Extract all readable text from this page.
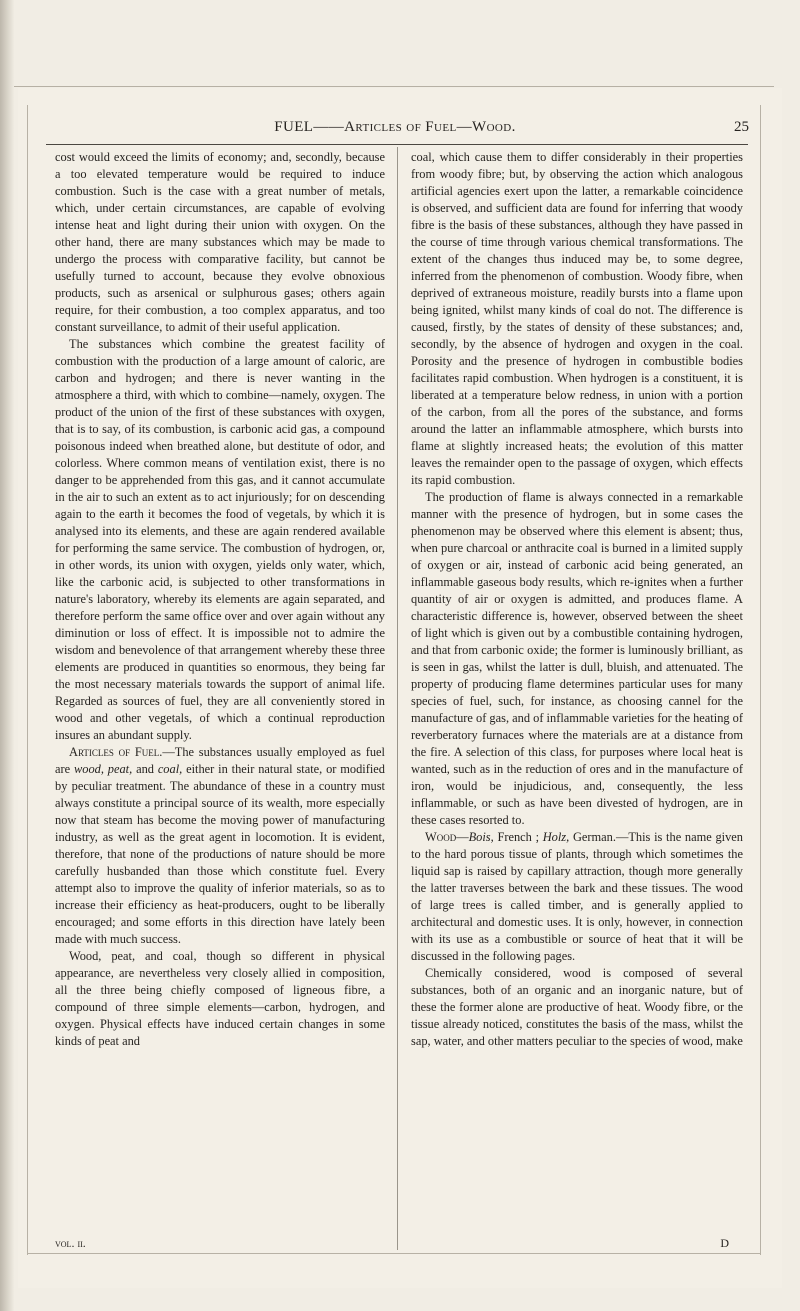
FUEL——Articles of Fuel—Wood.	25

cost would exceed the limits of economy; and, secondly, because a too elevated temperature would be required to induce combustion. Such is the case with a great number of metals, which, under certain circumstances, are capable of evolving intense heat and light during their union with oxygen. On the other hand, there are many substances which may be made to undergo the process with comparative facility, but cannot be usefully turned to account, because they evolve obnoxious products, such as arsenical or sulphurous gases; others again require, for their combustion, a too complex apparatus, and too constant surveillance, to admit of their useful application.

The substances which combine the greatest facility of combustion with the production of a large amount of caloric, are carbon and hydrogen; and there is never wanting in the atmosphere a third, with which to combine—namely, oxygen. The product of the union of the first of these substances with oxygen, that is to say, of its combustion, is carbonic acid gas, a compound poisonous indeed when breathed alone, but destitute of odor, and colorless. Where common means of ventilation exist, there is no danger to be apprehended from this gas, and it cannot accumulate in the air to such an extent as to act injuriously; for on descending again to the earth it becomes the food of vegetals, by which it is analysed into its elements, and these are again rendered available for performing the same service. The combustion of hydrogen, or, in other words, its union with oxygen, yields only water, which, like the carbonic acid, is subjected to other transformations in nature's laboratory, whereby its elements are again separated, and therefore perform the same office over and over again without any diminution or loss of effect. It is impossible not to admire the wisdom and benevolence of that arrangement whereby these three elements are produced in quantities so enormous, they being far the most necessary materials towards the support of animal life. Regarded as sources of fuel, they are all conveniently stored in wood and other vegetals, of which a continual reproduction insures an abundant supply.

Articles of Fuel.—The substances usually employed as fuel are wood, peat, and coal, either in their natural state, or modified by peculiar treatment. The abundance of these in a country must always constitute a principal source of its wealth, more especially now that steam has become the moving power of manufacturing industry, as well as the great agent in locomotion. It is evident, therefore, that none of the productions of nature should be more carefully husbanded than those which constitute fuel. Every attempt also to improve the quality of inferior materials, so as to increase their efficiency as heat-producers, ought to be liberally encouraged; and some efforts in this direction have lately been made with much success.

Wood, peat, and coal, though so different in physical appearance, are nevertheless very closely allied in composition, all the three being chiefly composed of ligneous fibre, a compound of three simple elements—carbon, hydrogen, and oxygen. Physical effects have induced certain changes in some kinds of peat and

coal, which cause them to differ considerably in their properties from woody fibre; but, by observing the action which analogous artificial agencies exert upon the latter, a remarkable coincidence is observed, and sufficient data are found for inferring that woody fibre is the basis of these substances, although they have passed in the course of time through various chemical transformations. The extent of the changes thus induced may be, to some degree, inferred from the phenomenon of combustion. Woody fibre, when deprived of extraneous moisture, readily bursts into a flame upon being ignited, whilst many kinds of coal do not. The difference is caused, firstly, by the states of density of these substances; and, secondly, by the absence of hydrogen and oxygen in the coal. Porosity and the presence of hydrogen in combustible bodies facilitates rapid combustion. When hydrogen is a constituent, it is liberated at a temperature below redness, in union with a portion of the carbon, from all the pores of the substance, and forms around the latter an inflammable atmosphere, which bursts into flame at slightly increased heats; the evolution of this matter leaves the remainder open to the passage of oxygen, which effects its rapid combustion.

The production of flame is always connected in a remarkable manner with the presence of hydrogen, but in some cases the phenomenon may be observed where this element is absent; thus, when pure charcoal or anthracite coal is burned in a limited supply of oxygen or air, instead of carbonic acid being generated, an inflammable gaseous body results, which re-ignites when a further quantity of air or oxygen is admitted, and produces flame. A characteristic difference is, however, observed between the sheet of light which is given out by a combustible containing hydrogen, and that from carbonic oxide; the former is luminously brilliant, as is seen in gas, whilst the latter is dull, bluish, and attenuated. The property of producing flame determines particular uses for many species of fuel, such, for instance, as choosing cannel for the manufacture of gas, and of inflammable varieties for the heating of reverberatory furnaces where the materials are at a distance from the fire. A selection of this class, for purposes where local heat is wanted, such as in the reduction of ores and in the manufacture of iron, would be injudicious, and, consequently, the less inflammable, or such as have been divested of hydrogen, are in these cases resorted to.

Wood—Bois, French ; Holz, German.—This is the name given to the hard porous tissue of plants, through which sometimes the liquid sap is raised by capillary attraction, though more generally the latter traverses between the bark and these tissues. The wood of large trees is called timber, and is generally applied to architectural and domestic uses. It is only, however, in connection with its use as a combustible or source of heat that it will be discussed in the following pages.

Chemically considered, wood is composed of several substances, both of an organic and an inorganic nature, but of these the former alone are productive of heat. Woody fibre, or the tissue already noticed, constitutes the basis of the mass, whilst the sap, water, and other matters peculiar to the species of wood, make

vol. ii.	D
